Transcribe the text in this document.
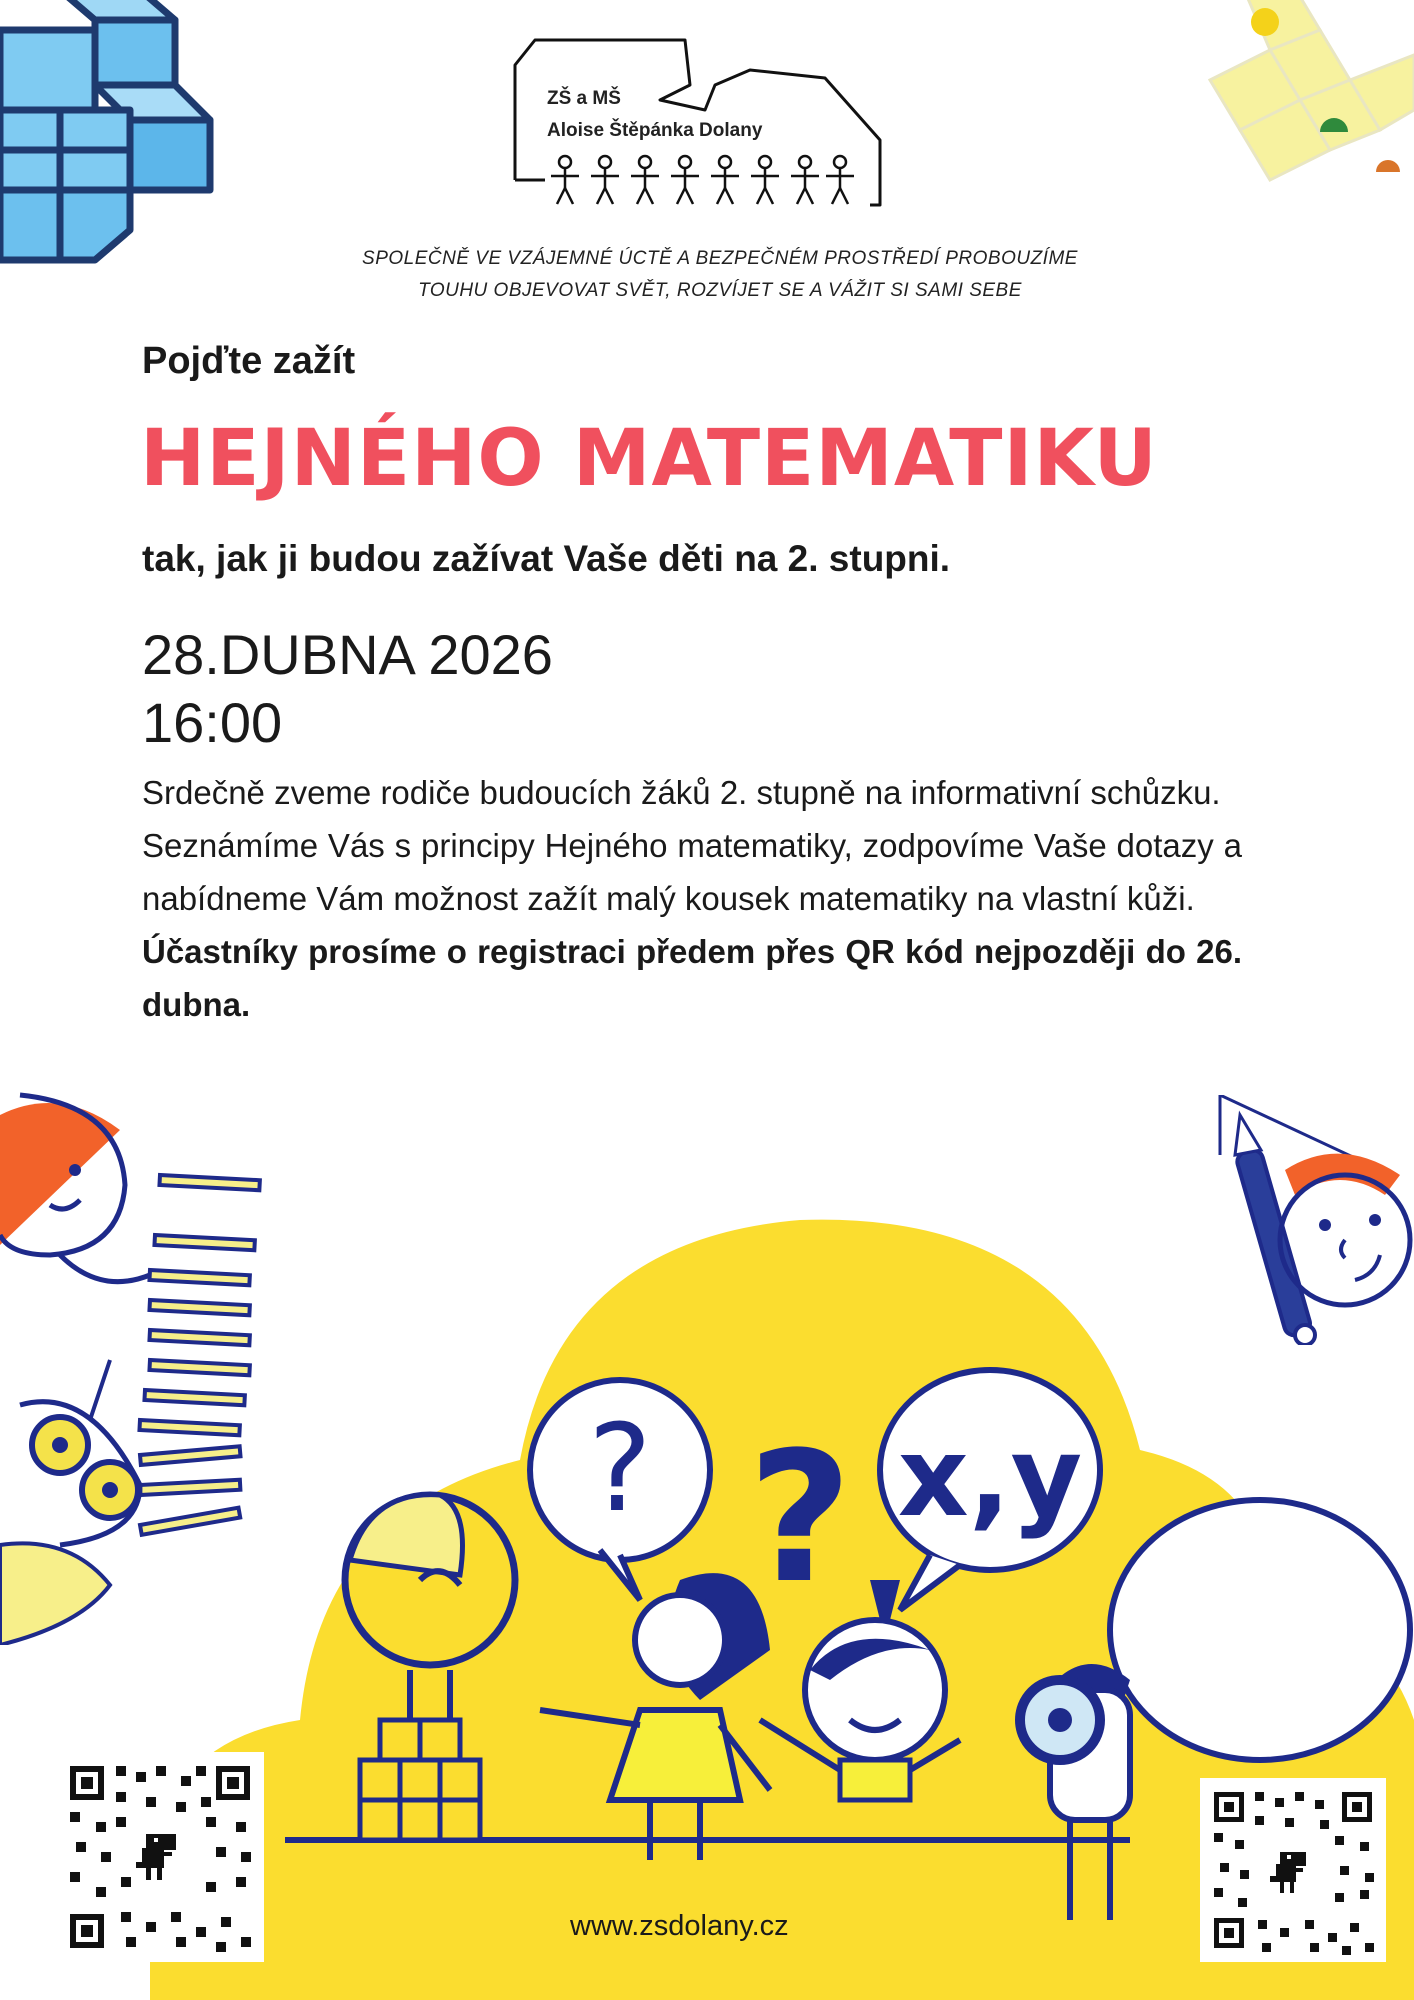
ZŠ a MŠ
Aloise Štěpánka Dolany
SPOLEČNĚ VE VZÁJEMNÉ ÚCTĚ A BEZPEČNÉM PROSTŘEDÍ PROBOUZÍME
TOUHU OBJEVOVAT SVĚT, ROZVÍJET SE A VÁŽIT SI SAMI SEBE
Pojďte zažít
HEJNÉHO MATEMATIKU
tak, jak ji budou zažívat Vaše děti na 2. stupni.
28.DUBNA 2026
16:00

Srdečně zveme rodiče budoucích žáků 2. stupně na informativní schůzku.

Seznámíme Vás s principy Hejného matematiky, zodpovíme Vaše dotazy a nabídneme Vám možnost zažít malý kousek matematiky na vlastní kůži.

Účastníky prosíme o registraci předem přes QR kód nejpozději do 26. dubna.

? ? x,y
www.zsdolany.cz
